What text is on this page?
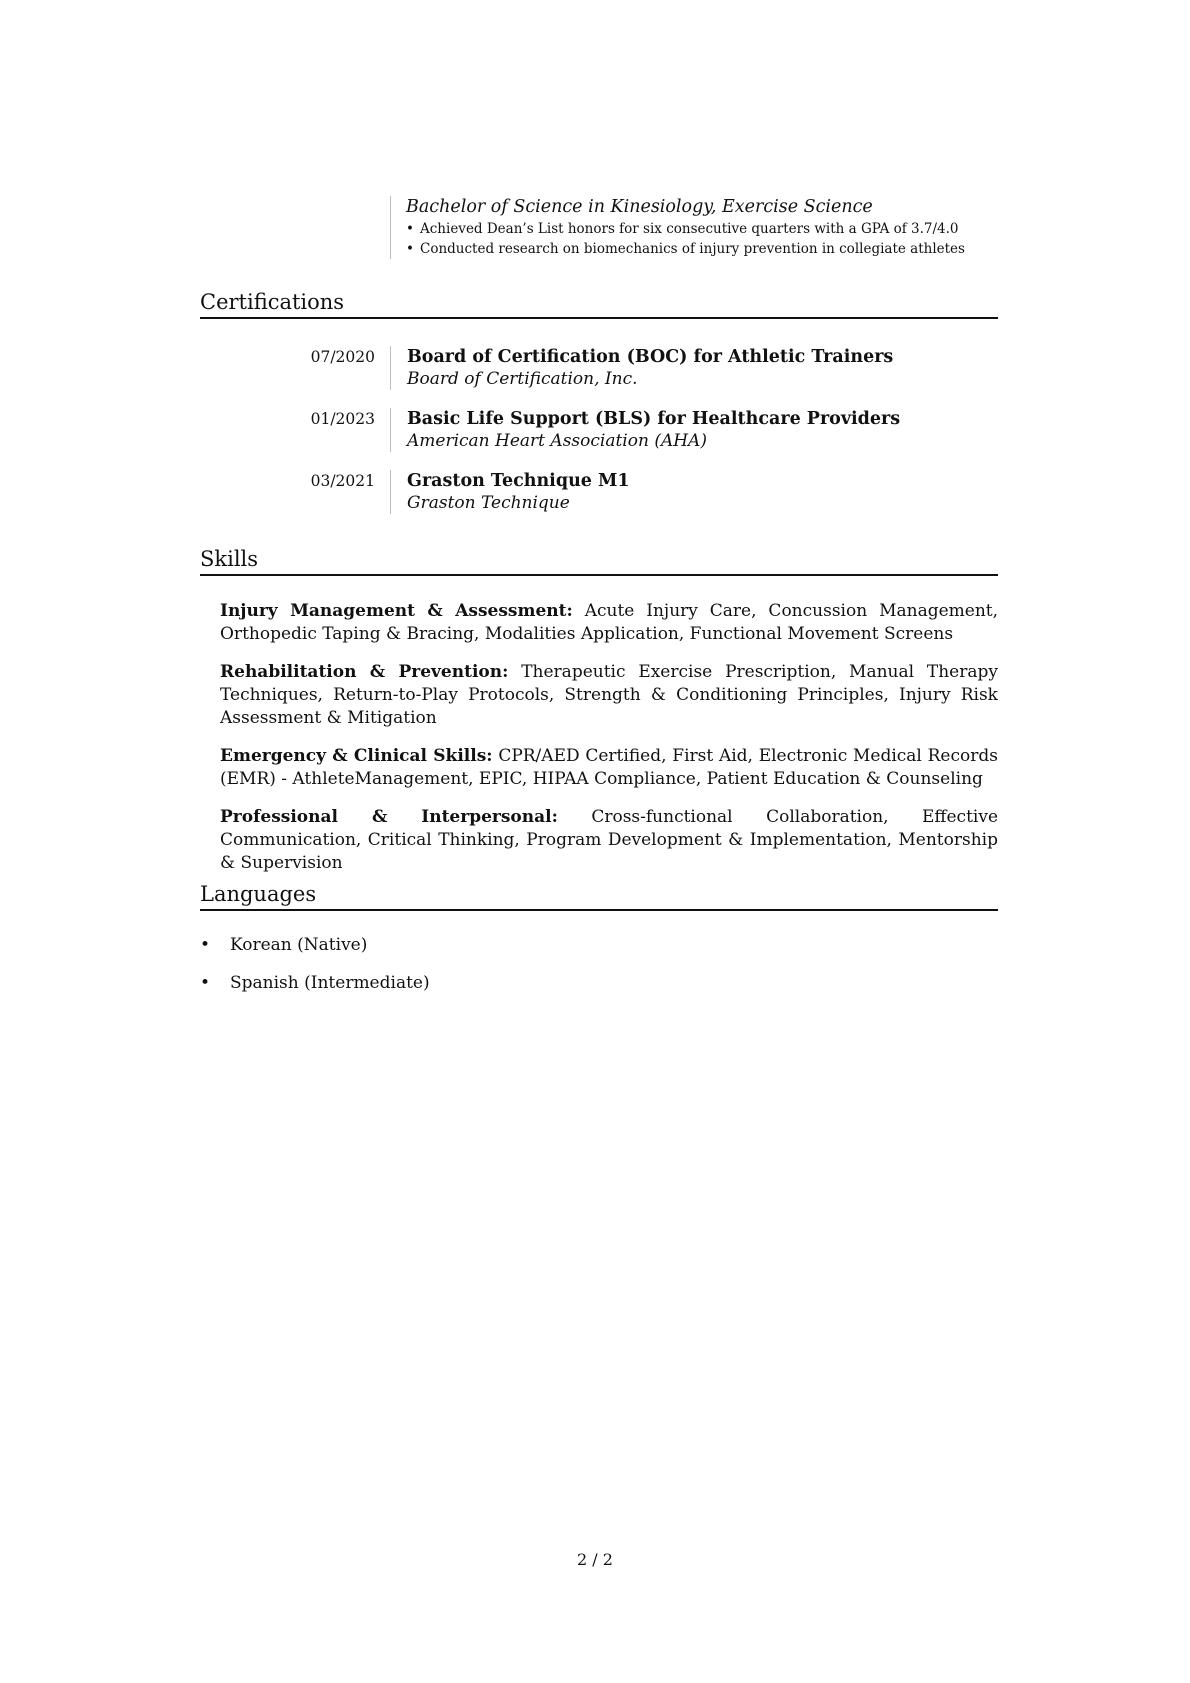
Bachelor of Science in Kinesiology, Exercise Science
• Achieved Dean’s List honors for six consecutive quarters with a GPA of 3.7/4.0
• Conducted research on biomechanics of injury prevention in collegiate athletes
Certifications
07/2020 Board of Certification (BOC) for Athletic Trainers
Board of Certification, Inc.
01/2023 Basic Life Support (BLS) for Healthcare Providers
American Heart Association (AHA)
03/2021 Graston Technique M1
Graston Technique
Skills
Injury Management & Assessment: Acute Injury Care, Concussion Management, Orthopedic Taping & Bracing, Modalities Application, Functional Movement Screens
Rehabilitation & Prevention: Therapeutic Exercise Prescription, Manual Therapy Techniques, Return-to-Play Protocols, Strength & Conditioning Principles, Injury Risk Assessment & Mitigation
Emergency & Clinical Skills: CPR/AED Certified, First Aid, Electronic Medical Records (EMR) - AthleteManagement, EPIC, HIPAA Compliance, Patient Education & Counseling
Professional & Interpersonal: Cross-functional Collaboration, Effective Communication, Critical Thinking, Program Development & Implementation, Mentorship & Supervision
Languages
• Korean (Native)
• Spanish (Intermediate)
2 / 2
